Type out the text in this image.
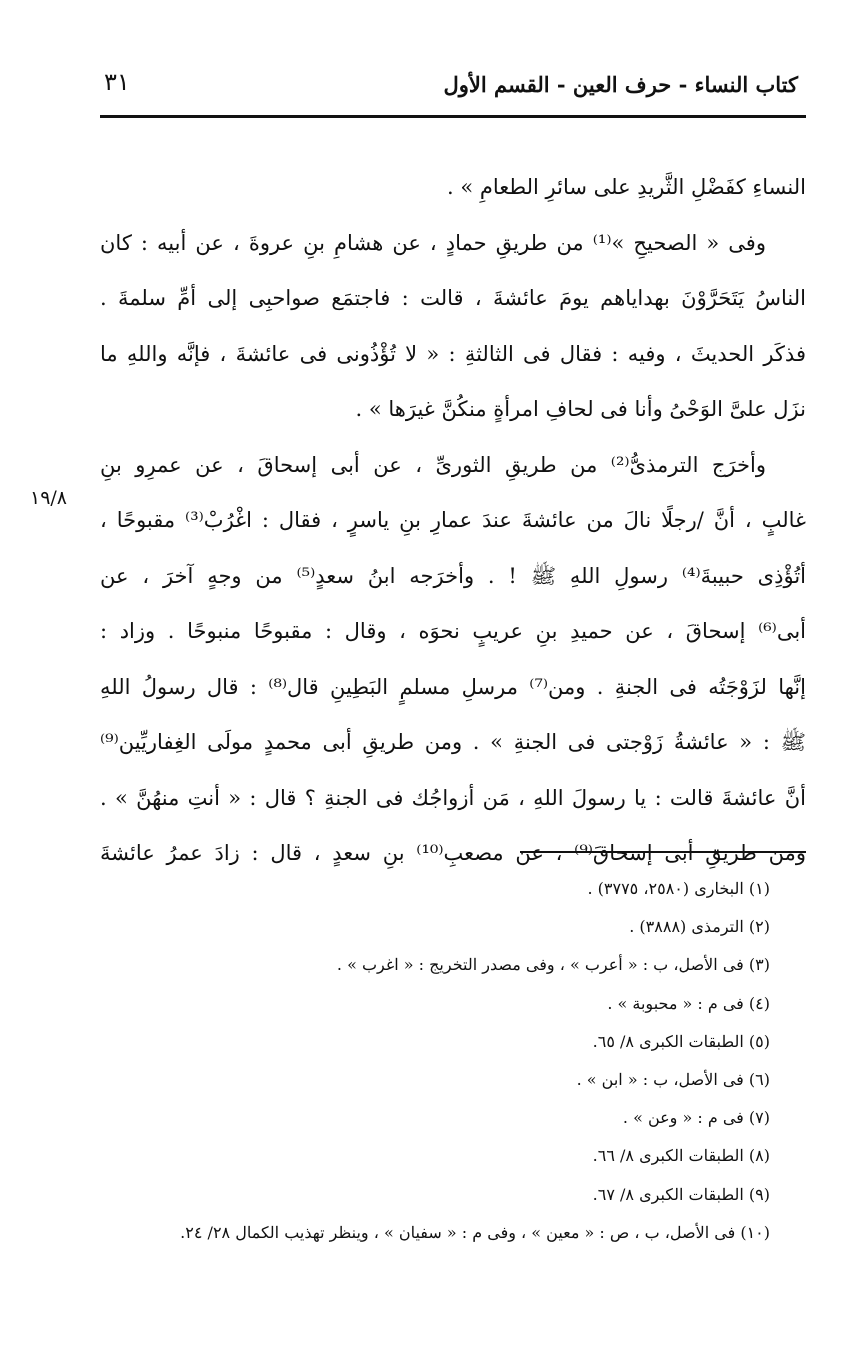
كتاب النساء - حرف العين - القسم الأول
٣١
١٩/٨
النساءِ كفَضْلِ الثَّريدِ على سائرِ الطعامِ » .
وفى « الصحيحِ »⁽¹⁾ من طريقِ حمادٍ ، عن هشامِ بنِ عروةَ ، عن أبيه : كان
الناسُ يَتَحَرَّوْنَ بهداياهم يومَ عائشةَ ، قالت : فاجتمَع صواحبِى إلى أمِّ سلمةَ .
فذكَر الحديثَ ، وفيه : فقال فى الثالثةِ : « لا تُؤْذُونى فى عائشةَ ، فإنَّه واللهِ ما
نزَل علىَّ الوَحْىُ وأنا فى لحافِ امرأةٍ منكُنَّ غيرَها » .
وأخرَج الترمذىُّ⁽²⁾ من طريقِ الثورىِّ ، عن أبى إسحاقَ ، عن عمرِو بنِ
غالبٍ ، أنَّ /رجلًا نالَ من عائشةَ عندَ عمارِ بنِ ياسرٍ ، فقال : اغْرُبْ⁽³⁾ مقبوحًا ،
أتُؤْذِى حبيبةَ⁽⁴⁾ رسولِ اللهِ ﷺ ! . وأخرَجه ابنُ سعدٍ⁽⁵⁾ من وجهٍ آخرَ ، عن
أبى⁽⁶⁾ إسحاقَ ، عن حميدِ بنِ عريبٍ نحوَه ، وقال : مقبوحًا منبوحًا . وزاد :
إنَّها لزَوْجَتُه فى الجنةِ . ومن⁽⁷⁾ مرسلِ مسلمٍ البَطِينِ قال⁽⁸⁾ : قال رسولُ اللهِ
ﷺ : « عائشةُ زَوْجتى فى الجنةِ » . ومن طريقِ أبى محمدٍ مولَى الغِفاريِّين⁽⁹⁾
أنَّ عائشةَ قالت : يا رسولَ اللهِ ، مَن أزواجُك فى الجنةِ ؟ قال : « أنتِ منهُنَّ » .
ومن طريقِ أبى إسحاقَ⁽⁹⁾ ، عن مصعبِ⁽¹⁰⁾ بنِ سعدٍ ، قال : زادَ عمرُ عائشةَ
(١) البخارى (٢٥٨٠، ٣٧٧٥) .
(٢) الترمذى (٣٨٨٨) .
(٣) فى الأصل، ب : « أعرب » ، وفى مصدر التخريج : « اغرب » .
(٤) فى م : « محبوبة » .
(٥) الطبقات الكبرى ٨/ ٦٥.
(٦) فى الأصل، ب : « ابن » .
(٧) فى م : « وعن » .
(٨) الطبقات الكبرى ٨/ ٦٦.
(٩) الطبقات الكبرى ٨/ ٦٧.
(١٠) فى الأصل، ب ، ص : « معين » ، وفى م : « سفيان » ، وينظر تهذيب الكمال ٢٨/ ٢٤.
